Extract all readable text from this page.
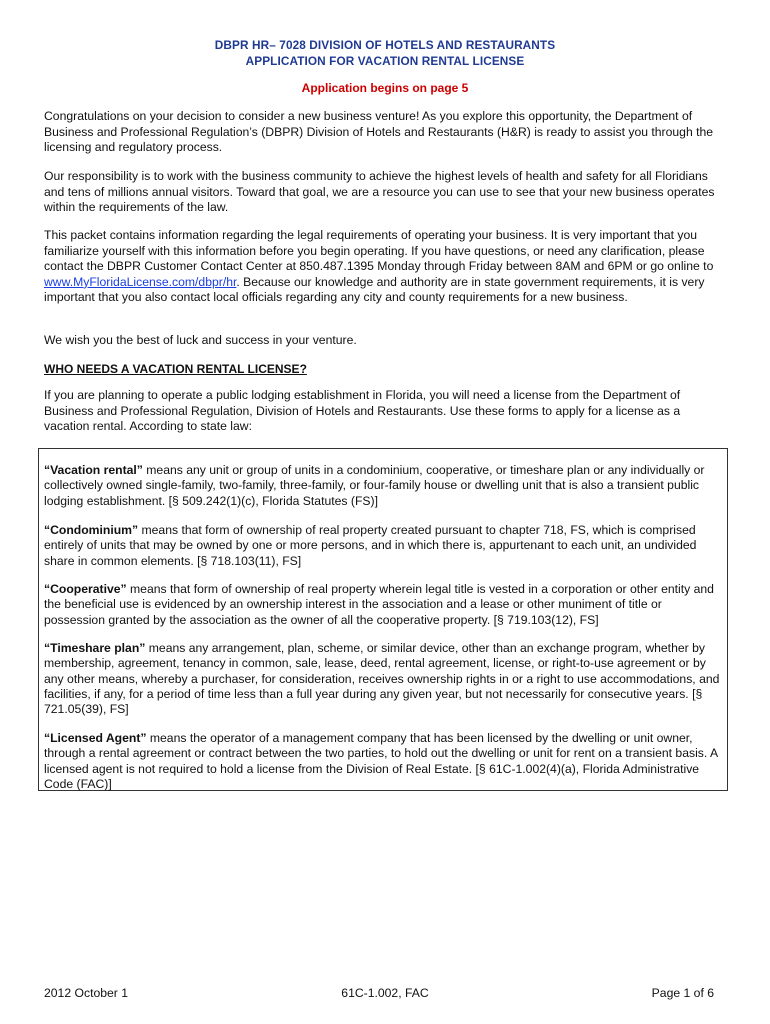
DBPR HR– 7028 DIVISION OF HOTELS AND RESTAURANTS
APPLICATION FOR VACATION RENTAL LICENSE
Application begins on page 5

Congratulations on your decision to consider a new business venture! As you explore this opportunity, the Department of Business and Professional Regulation’s (DBPR) Division of Hotels and Restaurants (H&R) is ready to assist you through the licensing and regulatory process.

Our responsibility is to work with the business community to achieve the highest levels of health and safety for all Floridians and tens of millions annual visitors. Toward that goal, we are a resource you can use to see that your new business operates within the requirements of the law.

This packet contains information regarding the legal requirements of operating your business. It is very important that you familiarize yourself with this information before you begin operating. If you have questions, or need any clarification, please contact the DBPR Customer Contact Center at 850.487.1395 Monday through Friday between 8AM and 6PM or go online to www.MyFloridaLicense.com/dbpr/hr. Because our knowledge and authority are in state government requirements, it is very important that you also contact local officials regarding any city and county requirements for a new business.

We wish you the best of luck and success in your venture.

WHO NEEDS A VACATION RENTAL LICENSE?

If you are planning to operate a public lodging establishment in Florida, you will need a license from the Department of Business and Professional Regulation, Division of Hotels and Restaurants. Use these forms to apply for a license as a vacation rental. According to state law:

“Vacation rental” means any unit or group of units in a condominium, cooperative, or timeshare plan or any individually or collectively owned single-family, two-family, three-family, or four-family house or dwelling unit that is also a transient public lodging establishment. [§ 509.242(1)(c), Florida Statutes (FS)]

“Condominium” means that form of ownership of real property created pursuant to chapter 718, FS, which is comprised entirely of units that may be owned by one or more persons, and in which there is, appurtenant to each unit, an undivided share in common elements. [§ 718.103(11), FS]

“Cooperative” means that form of ownership of real property wherein legal title is vested in a corporation or other entity and the beneficial use is evidenced by an ownership interest in the association and a lease or other muniment of title or possession granted by the association as the owner of all the cooperative property. [§ 719.103(12), FS]

“Timeshare plan” means any arrangement, plan, scheme, or similar device, other than an exchange program, whether by membership, agreement, tenancy in common, sale, lease, deed, rental agreement, license, or right-to-use agreement or by any other means, whereby a purchaser, for consideration, receives ownership rights in or a right to use accommodations, and facilities, if any, for a period of time less than a full year during any given year, but not necessarily for consecutive years. [§ 721.05(39), FS]

“Licensed Agent” means the operator of a management company that has been licensed by the dwelling or unit owner, through a rental agreement or contract between the two parties, to hold out the dwelling or unit for rent on a transient basis. A licensed agent is not required to hold a license from the Division of Real Estate. [§ 61C-1.002(4)(a), Florida Administrative Code (FAC)]

2012 October 1	61C-1.002, FAC	Page 1 of 6
